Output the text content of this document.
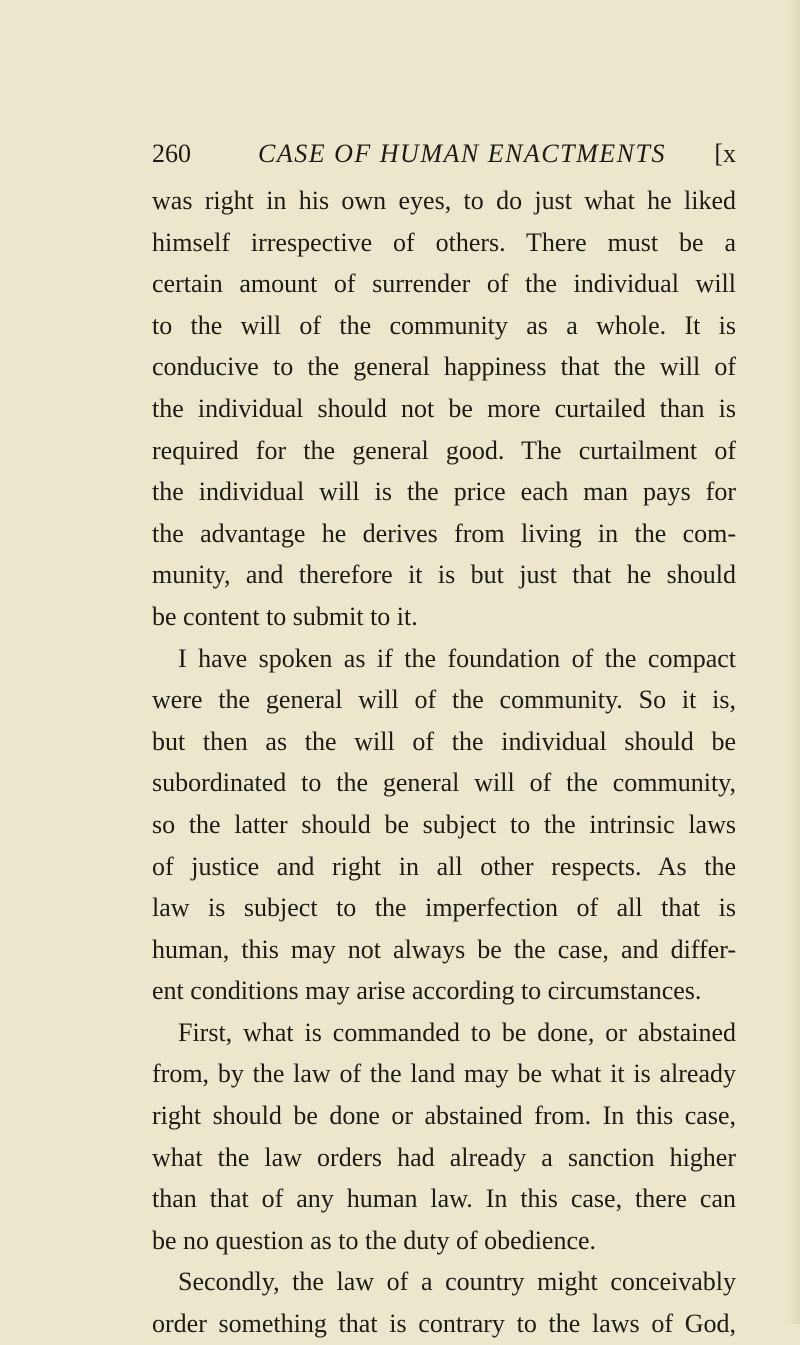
260	CASE OF HUMAN ENACTMENTS [x
was right in his own eyes, to do just what he liked
himself irrespective of others. There must be a
certain amount of surrender of the individual will
to the will of the community as a whole. It is
conducive to the general happiness that the will of
the individual should not be more curtailed than is
required for the general good. The curtailment of
the individual will is the price each man pays for
the advantage he derives from living in the com-
munity, and therefore it is but just that he should
be content to submit to it.
I have spoken as if the foundation of the compact
were the general will of the community. So it is,
but then as the will of the individual should be
subordinated to the general will of the community,
so the latter should be subject to the intrinsic laws
of justice and right in all other respects. As the
law is subject to the imperfection of all that is
human, this may not always be the case, and differ-
ent conditions may arise according to circumstances.
First, what is commanded to be done, or abstained
from, by the law of the land may be what it is already
right should be done or abstained from. In this case,
what the law orders had already a sanction higher
than that of any human law. In this case, there can
be no question as to the duty of obedience.
Secondly, the law of a country might conceivably
order something that is contrary to the laws of God,
